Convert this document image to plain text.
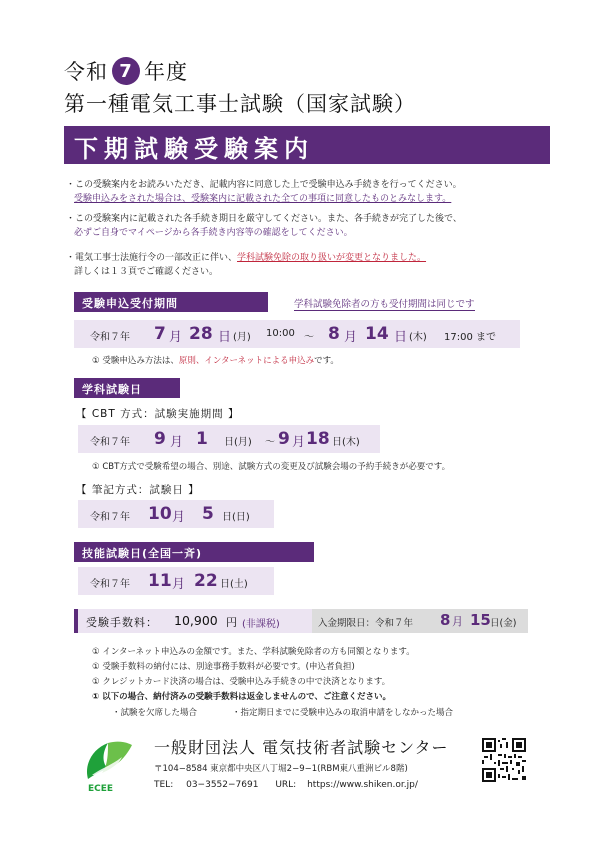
令和 7 年度
第一種電気工事士試験（国家試験）
下期試験受験案内
・この受験案内をお読みいただき、記載内容に同意した上で受験申込み手続きを行ってください。
受験申込みをされた場合は、受験案内に記載された全ての事項に同意したものとみなします。
・この受験案内に記載された各手続き期日を厳守してください。また、各手続きが完了した後で、
必ずご自身でマイページから各手続き内容等の確認をしてください。
・電気工事士法施行令の一部改正に伴い、学科試験免除の取り扱いが変更となりました。
詳しくは１３頁でご確認ください。
受験申込受付期間	学科試験免除者の方も受付期間は同じです
令和７年 7 月 28 日 (月) 10:00 ～ 8 月 14 日 (木) 17:00 まで
① 受験申込み方法は、原則、インターネットによる申込みです。
学科試験日
【 CBT 方式：試験実施期間 】
令和７年 9 月 1 日(月) ～ 9 月 18 日(木)
① CBT方式で受験希望の場合、別途、試験方式の変更及び試験会場の予約手続きが必要です。
【 筆記方式：試験日 】
令和７年 10 月 5 日(日)
技能試験日(全国一斉)
令和７年 11 月 22 日(土)
受験手数料： 10,900 円 (非課税)	入金期限日：令和７年 8 月 15 日(金)
① インターネット申込みの金額です。また、学科試験免除者の方も同額となります。
① 受験手数料の納付には、別途事務手数料が必要です。(申込者負担)
① クレジットカード決済の場合は、受験申込み手続きの中で決済となります。
① 以下の場合、納付済みの受験手数料は返金しませんので、ご注意ください。
・試験を欠席した場合	・指定期日までに受験申込みの取消申請をしなかった場合
ECEE
一般財団法人 電気技術者試験センター
〒104−8584 東京都中央区八丁堀2−9−1(RBM東八重洲ビル8階)
TEL: 03−3552−7691 URL: https://www.shiken.or.jp/
